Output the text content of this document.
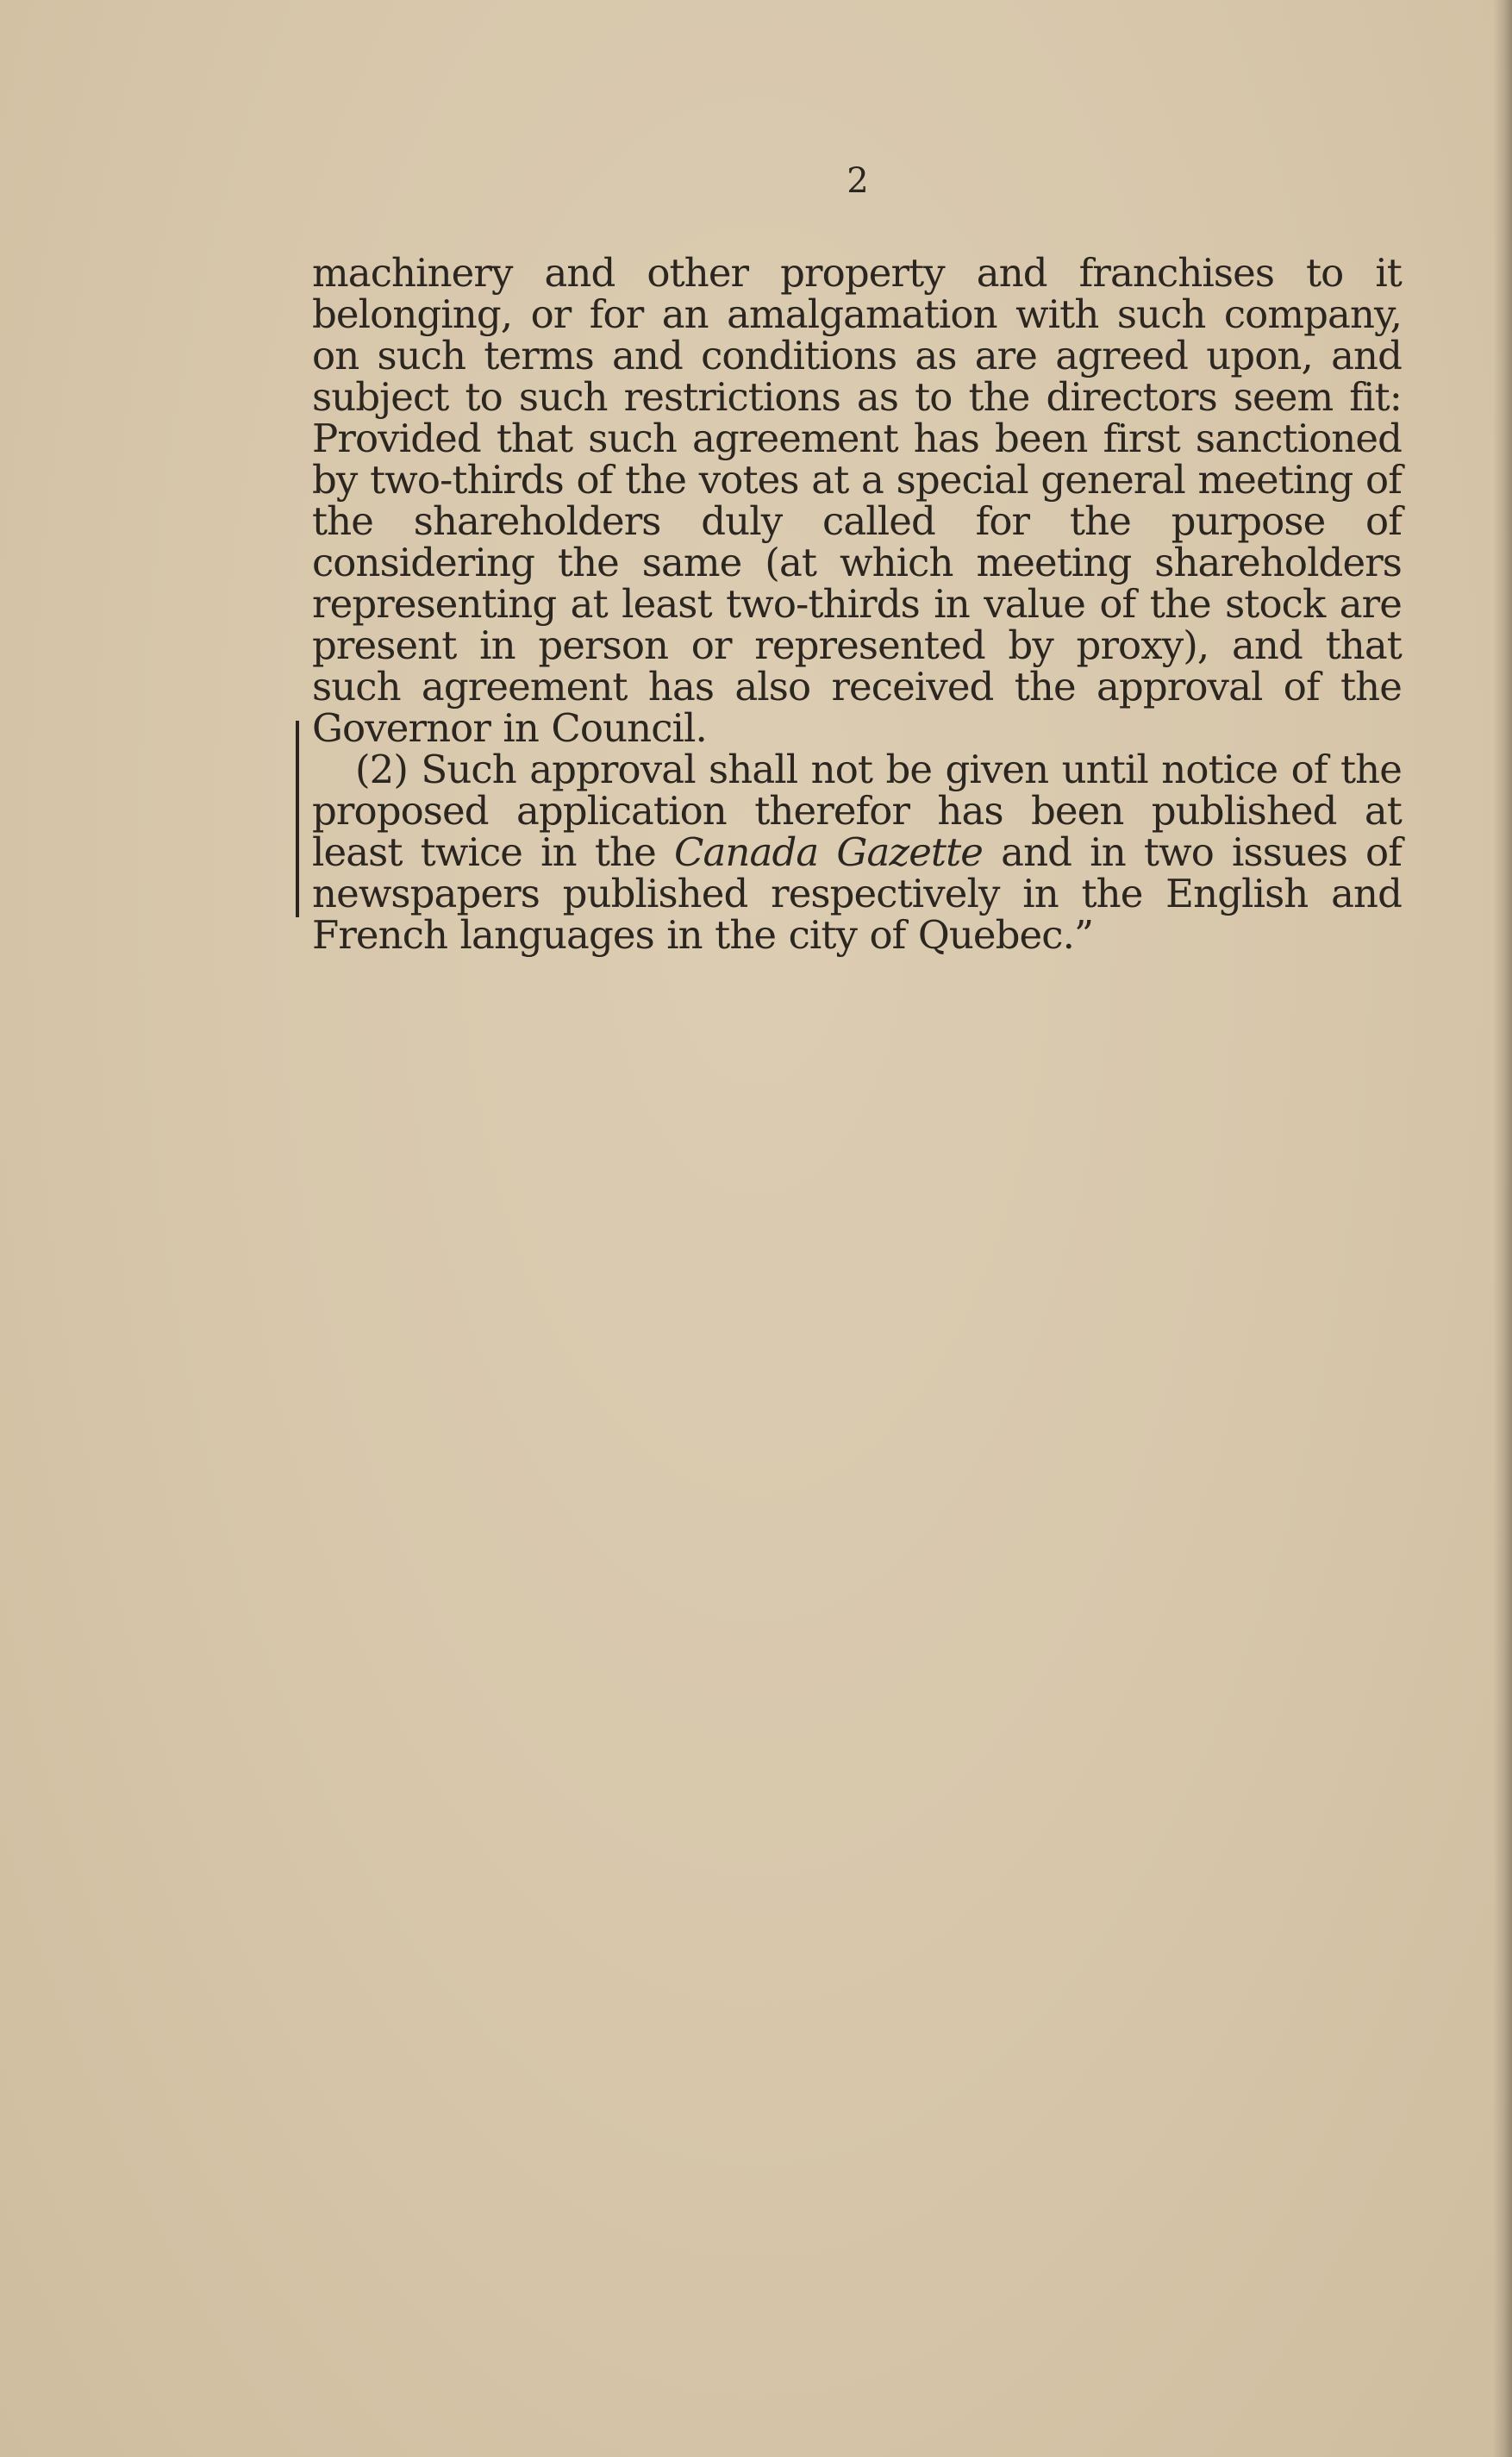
2

machinery and other property and franchises to it belonging, or for an amalgamation with such company, on such terms and conditions as are agreed upon, and subject to such restrictions as to the directors seem fit: Provided that such agreement has been first sanctioned by two-thirds of the votes at a special general meeting of the shareholders duly called for the purpose of considering the same (at which meeting shareholders representing at least two-thirds in value of the stock are present in person or represented by proxy), and that such agreement has also received the approval of the Governor in Council.

(2) Such approval shall not be given until notice of the proposed application therefor has been published at least twice in the Canada Gazette and in two issues of newspapers published respectively in the English and French languages in the city of Quebec.”
